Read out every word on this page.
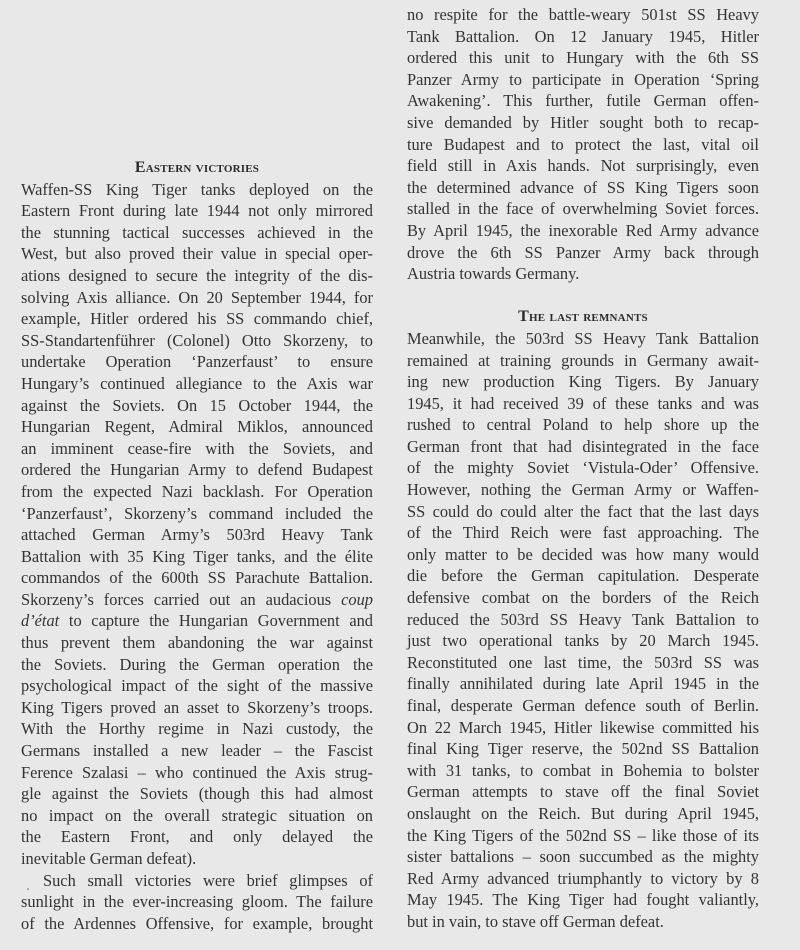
Eastern victories
Waffen-SS King Tiger tanks deployed on the
Eastern Front during late 1944 not only mirrored
the stunning tactical successes achieved in the
West, but also proved their value in special oper-
ations designed to secure the integrity of the dis-
solving Axis alliance. On 20 September 1944, for
example, Hitler ordered his SS commando chief,
SS-Standartenführer (Colonel) Otto Skorzeny, to
undertake Operation ‘Panzerfaust’ to ensure
Hungary’s continued allegiance to the Axis war
against the Soviets. On 15 October 1944, the
Hungarian Regent, Admiral Miklos, announced
an imminent cease-fire with the Soviets, and
ordered the Hungarian Army to defend Budapest
from the expected Nazi backlash. For Operation
‘Panzerfaust’, Skorzeny’s command included the
attached German Army’s 503rd Heavy Tank
Battalion with 35 King Tiger tanks, and the élite
commandos of the 600th SS Parachute Battalion.
Skorzeny’s forces carried out an audacious coup
d’état to capture the Hungarian Government and
thus prevent them abandoning the war against
the Soviets. During the German operation the
psychological impact of the sight of the massive
King Tigers proved an asset to Skorzeny’s troops.
With the Horthy regime in Nazi custody, the
Germans installed a new leader – the Fascist
Ference Szalasi – who continued the Axis strug-
gle against the Soviets (though this had almost
no impact on the overall strategic situation on
the Eastern Front, and only delayed the
inevitable German defeat).
Such small victories were brief glimpses of
sunlight in the ever-increasing gloom. The failure
of the Ardennes Offensive, for example, brought
no respite for the battle-weary 501st SS Heavy
Tank Battalion. On 12 January 1945, Hitler
ordered this unit to Hungary with the 6th SS
Panzer Army to participate in Operation ‘Spring
Awakening’. This further, futile German offen-
sive demanded by Hitler sought both to recap-
ture Budapest and to protect the last, vital oil
field still in Axis hands. Not surprisingly, even
the determined advance of SS King Tigers soon
stalled in the face of overwhelming Soviet forces.
By April 1945, the inexorable Red Army advance
drove the 6th SS Panzer Army back through
Austria towards Germany.
The last remnants
Meanwhile, the 503rd SS Heavy Tank Battalion
remained at training grounds in Germany await-
ing new production King Tigers. By January
1945, it had received 39 of these tanks and was
rushed to central Poland to help shore up the
German front that had disintegrated in the face
of the mighty Soviet ‘Vistula-Oder’ Offensive.
However, nothing the German Army or Waffen-
SS could do could alter the fact that the last days
of the Third Reich were fast approaching. The
only matter to be decided was how many would
die before the German capitulation. Desperate
defensive combat on the borders of the Reich
reduced the 503rd SS Heavy Tank Battalion to
just two operational tanks by 20 March 1945.
Reconstituted one last time, the 503rd SS was
finally annihilated during late April 1945 in the
final, desperate German defence south of Berlin.
On 22 March 1945, Hitler likewise committed his
final King Tiger reserve, the 502nd SS Battalion
with 31 tanks, to combat in Bohemia to bolster
German attempts to stave off the final Soviet
onslaught on the Reich. But during April 1945,
the King Tigers of the 502nd SS – like those of its
sister battalions – soon succumbed as the mighty
Red Army advanced triumphantly to victory by 8
May 1945. The King Tiger had fought valiantly,
but in vain, to stave off German defeat.
